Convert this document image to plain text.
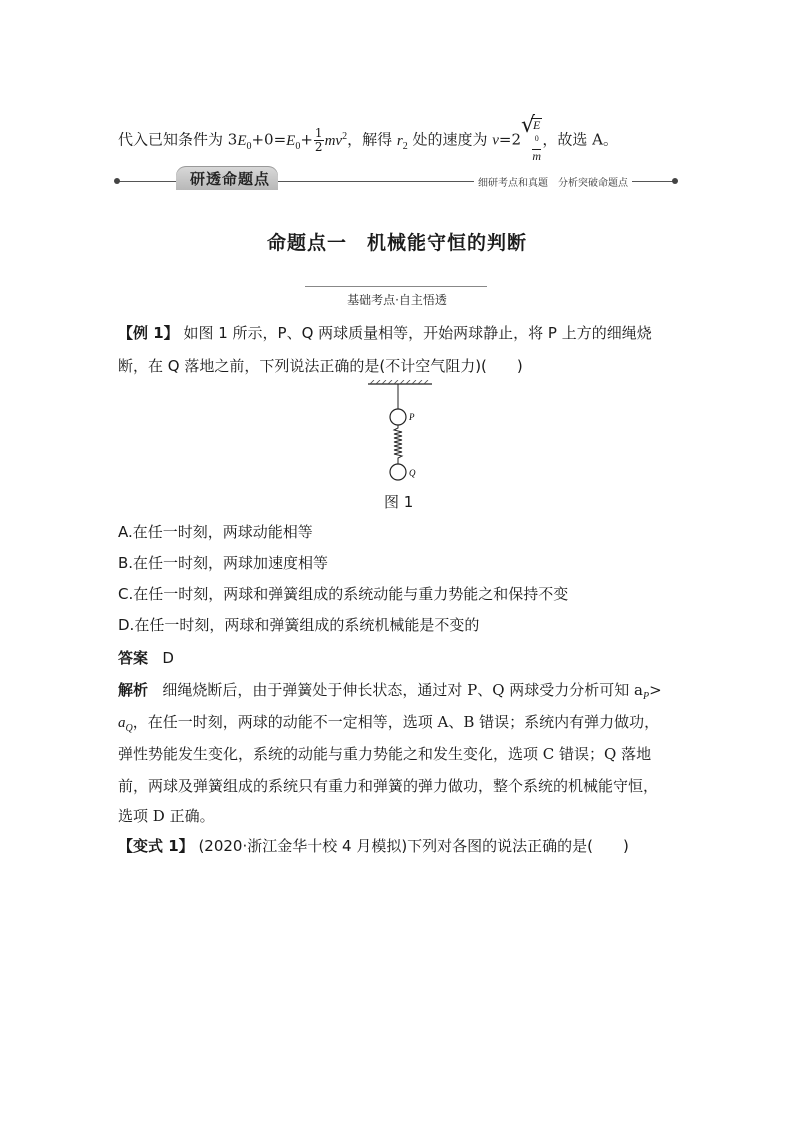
代入已知条件为 $3E_0+0=E_0+ \frac{1}{2} mv^2$，解得 $r_2$ 处的速度为 v=2
√
E
$^0$
m ，故选 A。
研透命题点	细研考点和真题　分析突破命题点
命题点一　机械能守恒的判断
基础考点·自主悟透
【例 1】 如图 1 所示，P、Q 两球质量相等，开始两球静止，将 P 上方的细绳烧
断，在 Q 落地之前，下列说法正确的是(不计空气阻力)(　　)
P
Q
图 1
A.在任一时刻，两球动能相等
B.在任一时刻，两球加速度相等
C.在任一时刻，两球和弹簧组成的系统动能与重力势能之和保持不变
D.在任一时刻，两球和弹簧组成的系统机械能是不变的
答案 D
解析 细绳烧断后，由于弹簧处于伸长状态，通过对 P、Q 两球受力分析可知 $a_P>$
$a_Q$，在任一时刻，两球的动能不一定相等，选项 A、B 错误；系统内有弹力做功，
弹性势能发生变化，系统的动能与重力势能之和发生变化，选项 C 错误；Q 落地
前，两球及弹簧组成的系统只有重力和弹簧的弹力做功，整个系统的机械能守恒，
选项 D 正确。
【变式 1】 (2020·浙江金华十校 4 月模拟)下列对各图的说法正确的是(　　)
